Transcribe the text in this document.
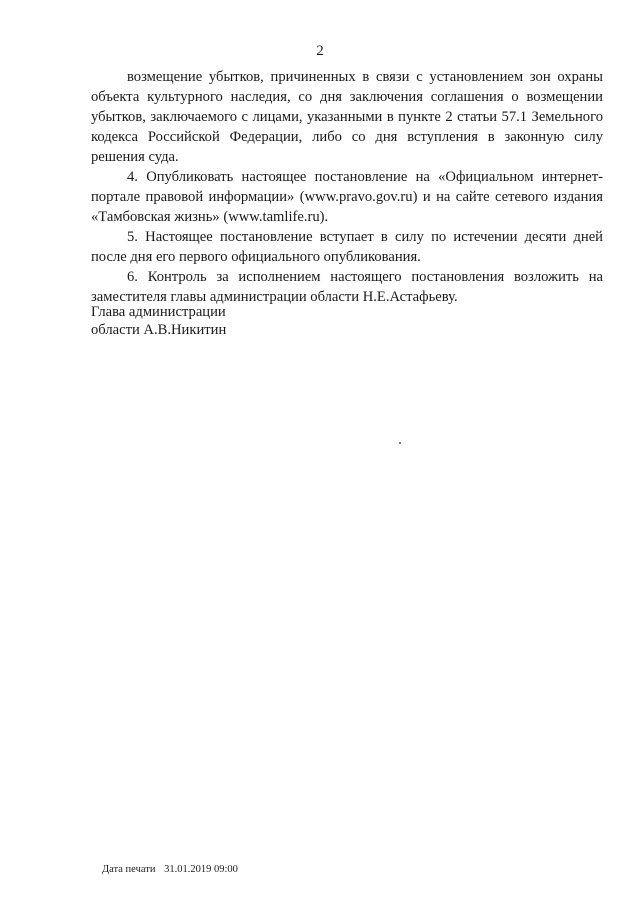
2

возмещение убытков, причиненных в связи с установлением зон охраны объекта культурного наследия, со дня заключения соглашения о возмещении убытков, заключаемого с лицами, указанными в пункте 2 статьи 57.1 Земельного кодекса Российской Федерации, либо со дня вступления в законную силу решения суда.

4. Опубликовать настоящее постановление на «Официальном интернет-портале правовой информации» (www.pravo.gov.ru) и на сайте сетевого издания «Тамбовская жизнь» (www.tamlife.ru).

5. Настоящее постановление вступает в силу по истечении десяти дней после дня его первого официального опубликования.

6. Контроль за исполнением настоящего постановления возложить на заместителя главы администрации области Н.Е.Астафьеву.

Глава администрации
области А.В.Никитин
Дата печати 31.01.2019 09:00
